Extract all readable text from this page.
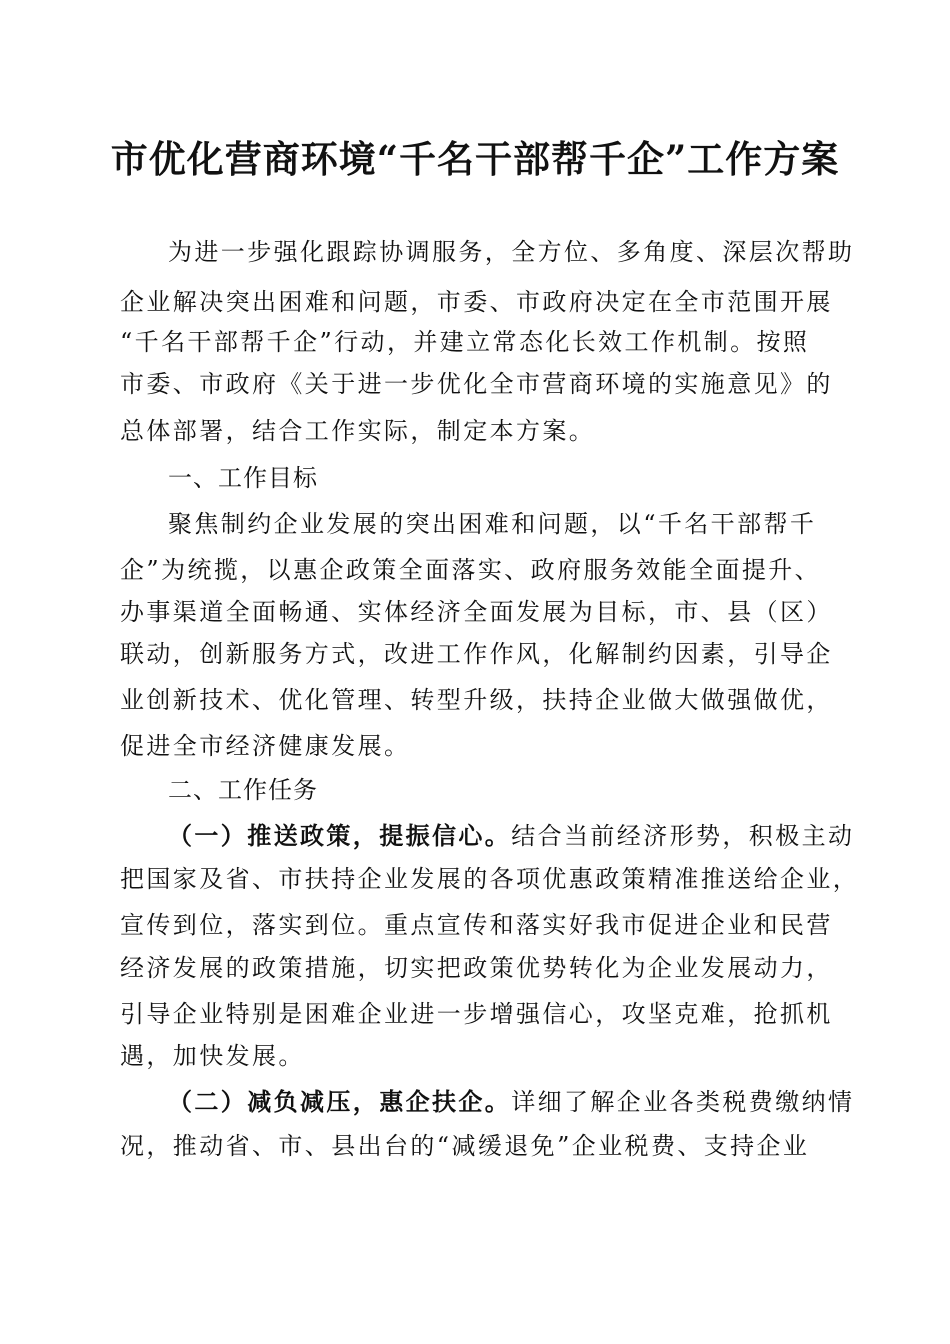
市优化营商环境“千名干部帮千企”工作方案
为进一步强化跟踪协调服务，全方位、多角度、深层次帮助
企业解决突出困难和问题，市委、市政府决定在全市范围开展
“千名干部帮千企”行动，并建立常态化长效工作机制。按照
市委、市政府《关于进一步优化全市营商环境的实施意见》的
总体部署，结合工作实际，制定本方案。
一、工作目标
聚焦制约企业发展的突出困难和问题，以“千名干部帮千
企”为统揽，以惠企政策全面落实、政府服务效能全面提升、
办事渠道全面畅通、实体经济全面发展为目标，市、县（区）
联动，创新服务方式，改进工作作风，化解制约因素，引导企
业创新技术、优化管理、转型升级，扶持企业做大做强做优，
促进全市经济健康发展。
二、工作任务
（一）推送政策，提振信心。结合当前经济形势，积极主动
把国家及省、市扶持企业发展的各项优惠政策精准推送给企业，
宣传到位，落实到位。重点宣传和落实好我市促进企业和民营
经济发展的政策措施，切实把政策优势转化为企业发展动力，
引导企业特别是困难企业进一步增强信心，攻坚克难，抢抓机
遇，加快发展。
（二）减负减压，惠企扶企。详细了解企业各类税费缴纳情
况，推动省、市、县出台的“减缓退免”企业税费、支持企业
